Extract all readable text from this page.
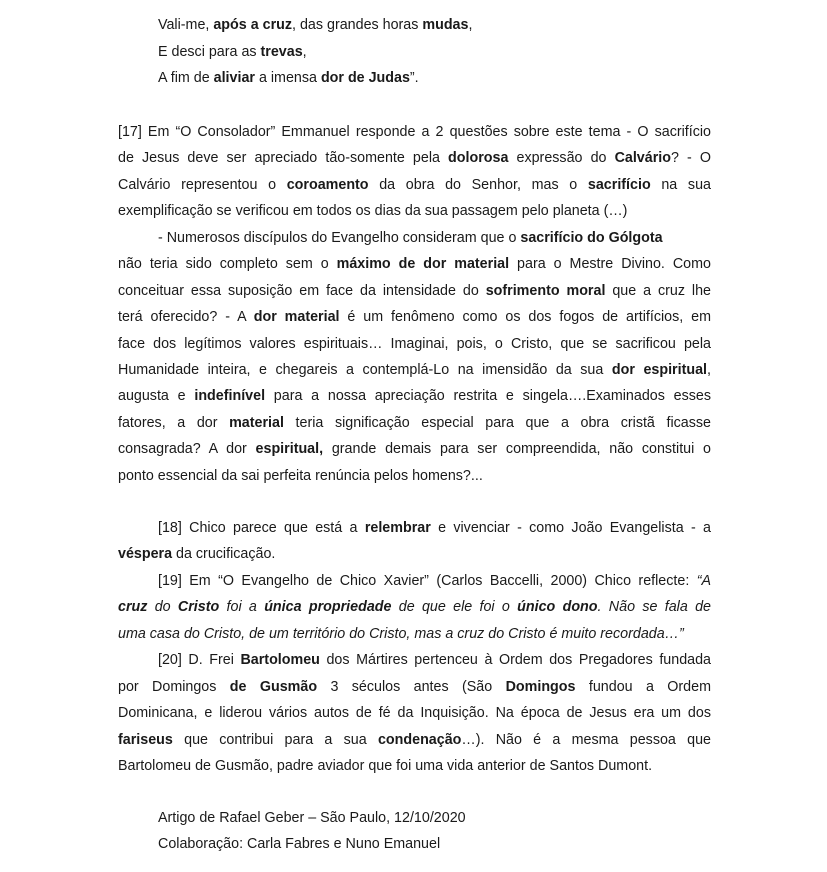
Vali-me, após a cruz, das grandes horas mudas,
E desci para as trevas,
A fim de aliviar a imensa dor de Judas”.
[17] Em “O Consolador” Emmanuel responde a 2 questões sobre este tema - O sacrifício
de Jesus deve ser apreciado tão-somente pela dolorosa expressão do Calvário? - O
Calvário representou o coroamento da obra do Senhor, mas o sacrifício na sua
exemplificação se verificou em todos os dias da sua passagem pelo planeta (…)
- Numerosos discípulos do Evangelho consideram que o sacrifício do Gólgota
não teria sido completo sem o máximo de dor material para o Mestre Divino. Como
conceituar essa suposição em face da intensidade do sofrimento moral que a cruz lhe
terá oferecido? - A dor material é um fenômeno como os dos fogos de artifícios, em
face dos legítimos valores espirituais… Imaginai, pois, o Cristo, que se sacrificou pela
Humanidade inteira, e chegareis a contemplá-Lo na imensidão da sua dor espiritual,
augusta e indefinível para a nossa apreciação restrita e singela….Examinados esses
fatores, a dor material teria significação especial para que a obra cristã ficasse
consagrada? A dor espiritual, grande demais para ser compreendida, não constitui o
ponto essencial da sai perfeita renúncia pelos homens?...
[18] Chico parece que está a relembrar e vivenciar - como João Evangelista - a
véspera da crucificação.
[19] Em “O Evangelho de Chico Xavier” (Carlos Baccelli, 2000) Chico reflecte: “A
cruz do Cristo foi a única propriedade de que ele foi o único dono. Não se fala de
uma casa do Cristo, de um território do Cristo, mas a cruz do Cristo é muito recordada…”
[20] D. Frei Bartolomeu dos Mártires pertenceu à Ordem dos Pregadores fundada
por Domingos de Gusmão 3 séculos antes (São Domingos fundou a Ordem
Dominicana, e liderou vários autos de fé da Inquisição. Na época de Jesus era um dos
fariseus que contribui para a sua condenação…). Não é a mesma pessoa que
Bartolomeu de Gusmão, padre aviador que foi uma vida anterior de Santos Dumont.
Artigo de Rafael Geber – São Paulo, 12/10/2020
Colaboração: Carla Fabres e Nuno Emanuel
